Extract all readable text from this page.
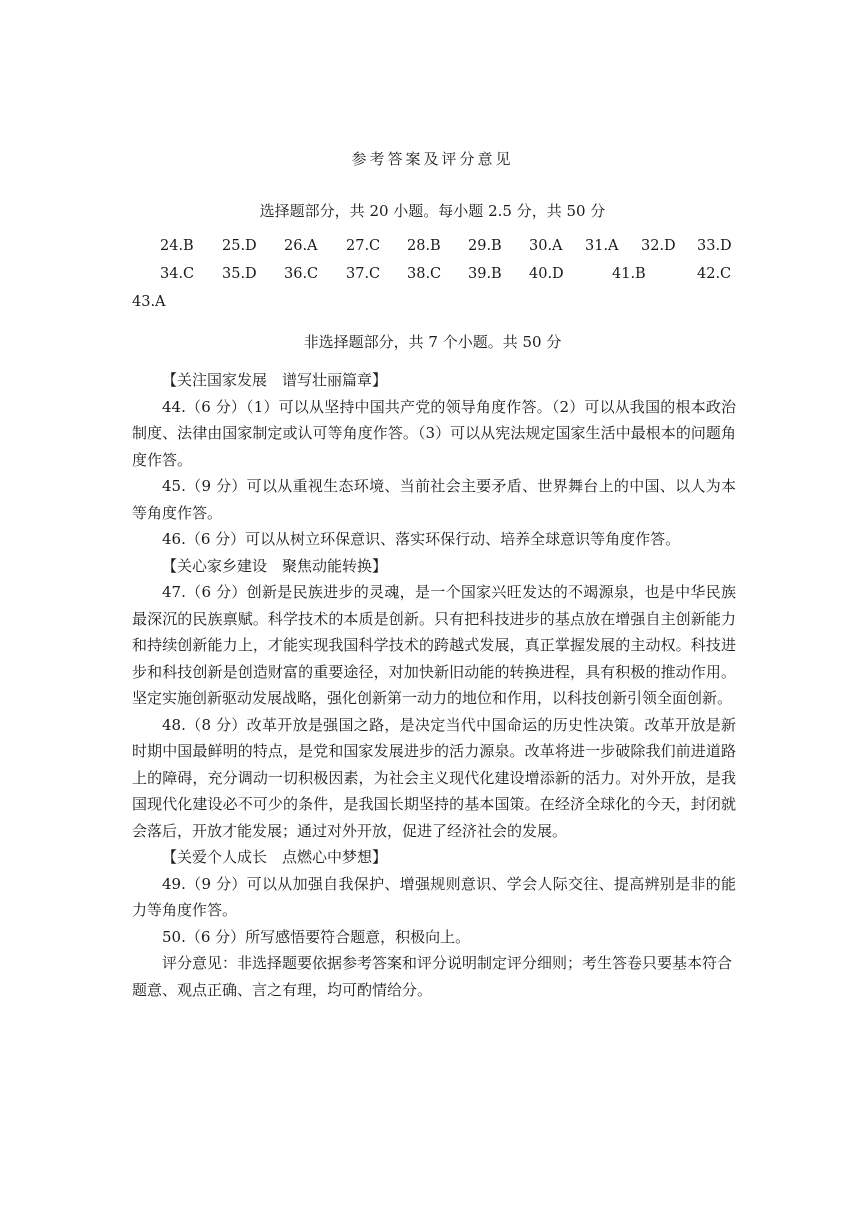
参考答案及评分意见
选择题部分，共 20 小题。每小题 2.5 分，共 50 分
24.B 25.D 26.A 27.C 28.B 29.B 30.A 31.A 32.D 33.D
34.C 35.D 36.C 37.C 38.C 39.B 40.D	41.B	42.C
43.A
非选择题部分，共 7 个小题。共 50 分

【关注国家发展　谱写壮丽篇章】

44.（6 分）（1）可以从坚持中国共产党的领导角度作答。（2）可以从我国的根本政治制度、法律由国家制定或认可等角度作答。（3）可以从宪法规定国家生活中最根本的问题角度作答。

45.（9 分）可以从重视生态环境、当前社会主要矛盾、世界舞台上的中国、以人为本等角度作答。

46.（6 分）可以从树立环保意识、落实环保行动、培养全球意识等角度作答。

【关心家乡建设　聚焦动能转换】

47.（6 分）创新是民族进步的灵魂，是一个国家兴旺发达的不竭源泉，也是中华民族最深沉的民族禀赋。科学技术的本质是创新。只有把科技进步的基点放在增强自主创新能力和持续创新能力上，才能实现我国科学技术的跨越式发展，真正掌握发展的主动权。科技进步和科技创新是创造财富的重要途径，对加快新旧动能的转换进程，具有积极的推动作用。坚定实施创新驱动发展战略，强化创新第一动力的地位和作用，以科技创新引领全面创新。

48.（8 分）改革开放是强国之路，是决定当代中国命运的历史性决策。改革开放是新时期中国最鲜明的特点，是党和国家发展进步的活力源泉。改革将进一步破除我们前进道路上的障碍，充分调动一切积极因素，为社会主义现代化建设增添新的活力。对外开放，是我国现代化建设必不可少的条件，是我国长期坚持的基本国策。在经济全球化的今天，封闭就会落后，开放才能发展；通过对外开放，促进了经济社会的发展。

【关爱个人成长　点燃心中梦想】

49.（9 分）可以从加强自我保护、增强规则意识、学会人际交往、提高辨别是非的能力等角度作答。

50.（6 分）所写感悟要符合题意，积极向上。

评分意见：非选择题要依据参考答案和评分说明制定评分细则；考生答卷只要基本符合

题意、观点正确、言之有理，均可酌情给分。
